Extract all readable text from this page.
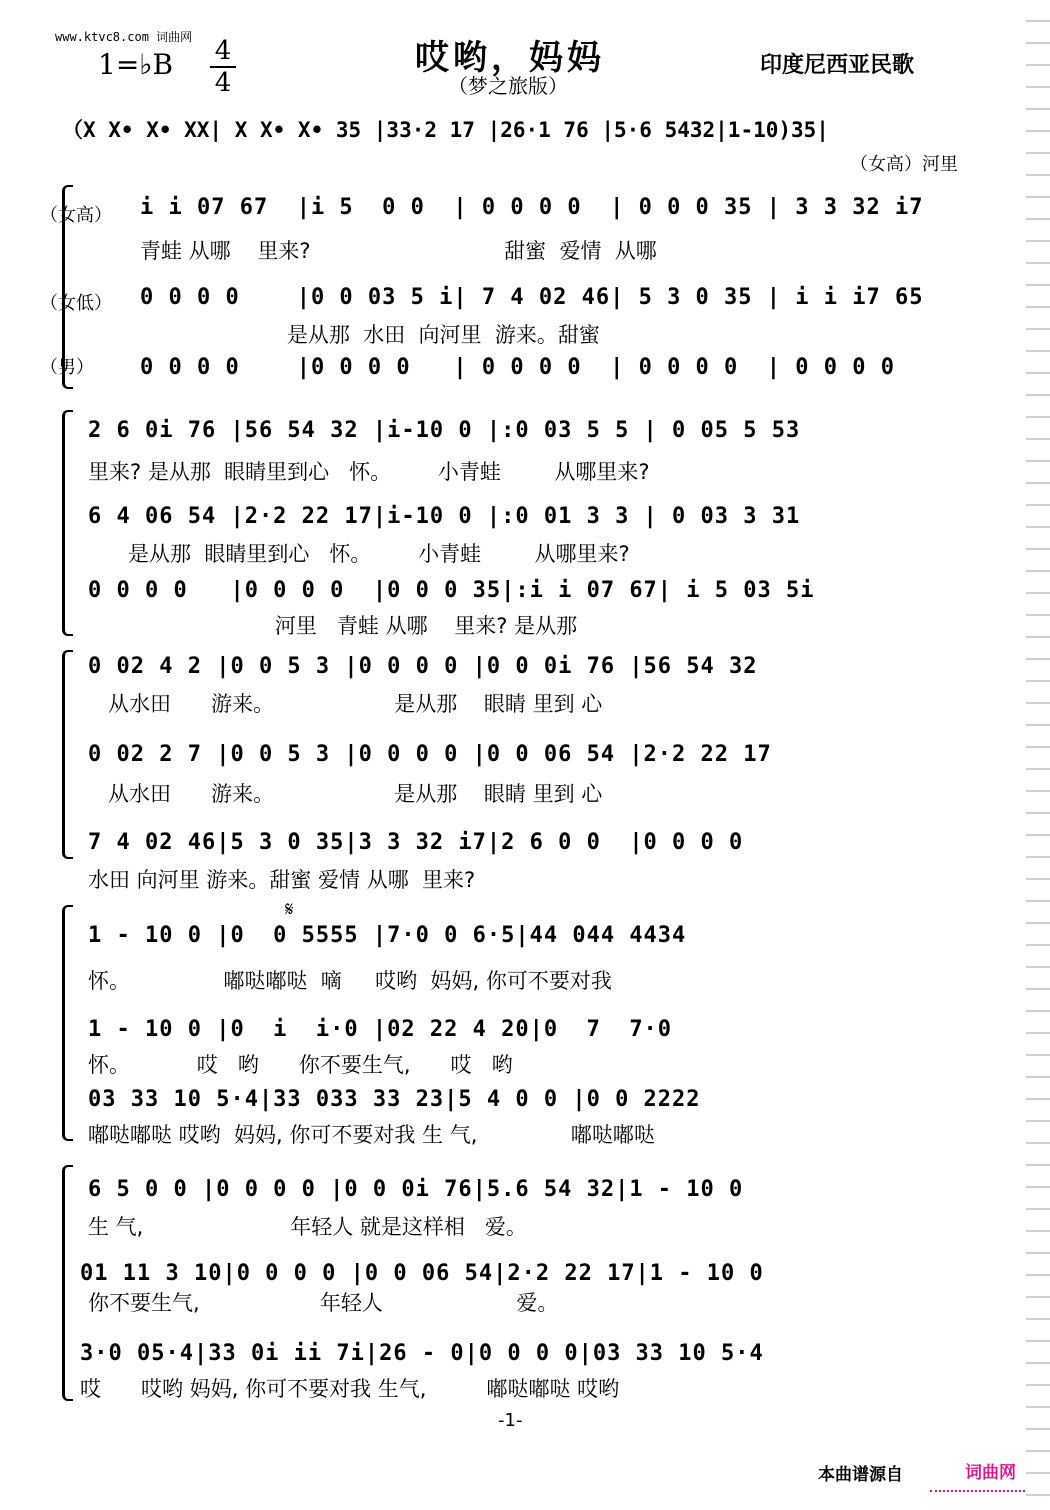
www.ktvc8.com 词曲网
1=♭B 4
4
哎哟，妈妈
（梦之旅版）
印度尼西亚民歌
（X X• X• XX| X X• X• 35 |33·2 17 |26·1 76 |5·6 5432|1-10)35|
（女高）河里
（女高）
（女低）
（男）
i i 07 67  |i 5  0 0  | 0 0 0 0  | 0 0 0 35 | 3 3 32 i7
青蛙 从哪    里来?                             甜蜜  爱情  从哪
0 0 0 0    |0 0 03 5 i| 7 4 02 46| 5 3 0 35 | i i i7 65
是从那  水田  向河里  游来。甜蜜
0 0 0 0    |0 0 0 0   | 0 0 0 0  | 0 0 0 0  | 0 0 0 0
2 6 0i 76 |56 54 32 |i-10 0 |:0 03 5 5 | 0 05 5 53
里来? 是从那  眼睛里到心   怀。       小青蛙        从哪里来?
6 4 06 54 |2·2 22 17|i-10 0 |:0 01 3 3 | 0 03 3 31
是从那  眼睛里到心   怀。       小青蛙        从哪里来?
0 0 0 0   |0 0 0 0  |0 0 0 35|:i i 07 67| i 5 03 5i
河里   青蛙 从哪    里来? 是从那
0 02 4 2 |0 0 5 3 |0 0 0 0 |0 0 0i 76 |56 54 32
从水田      游来。                  是从那    眼睛 里到 心
0 02 2 7 |0 0 5 3 |0 0 0 0 |0 0 06 54 |2·2 22 17
从水田      游来。                  是从那    眼睛 里到 心
7 4 02 46|5 3 0 35|3 3 32 i7|2 6 0 0  |0 0 0 0
水田 向河里 游来。甜蜜 爱情 从哪  里来?
𝄋
1 - 10 0 |0  0 5555 |7·0 0 6·5|44 044 4434
怀。              嘟哒嘟哒  嘀     哎哟  妈妈, 你可不要对我
1 - 10 0 |0  i  i·0 |02 22 4 20|0  7  7·0
怀。          哎   哟      你不要生气,      哎   哟
03 33 10 5·4|33 033 33 23|5 4 0 0 |0 0 2222
嘟哒嘟哒 哎哟  妈妈, 你可不要对我 生 气,              嘟哒嘟哒
6 5 0 0 |0 0 0 0 |0 0 0i 76|5.6 54 32|1 - 10 0
生 气,                      年轻人 就是这样相   爱。
01 11 3 10|0 0 0 0 |0 0 06 54|2·2 22 17|1 - 10 0
你不要生气,                  年轻人                    爱。
3·0 05·4|33 0i ii 7i|26 - 0|0 0 0 0|03 33 10 5·4
哎      哎哟 妈妈, 你可不要对我 生气,         嘟哒嘟哒 哎哟
-1-
本曲谱源自	词曲网
